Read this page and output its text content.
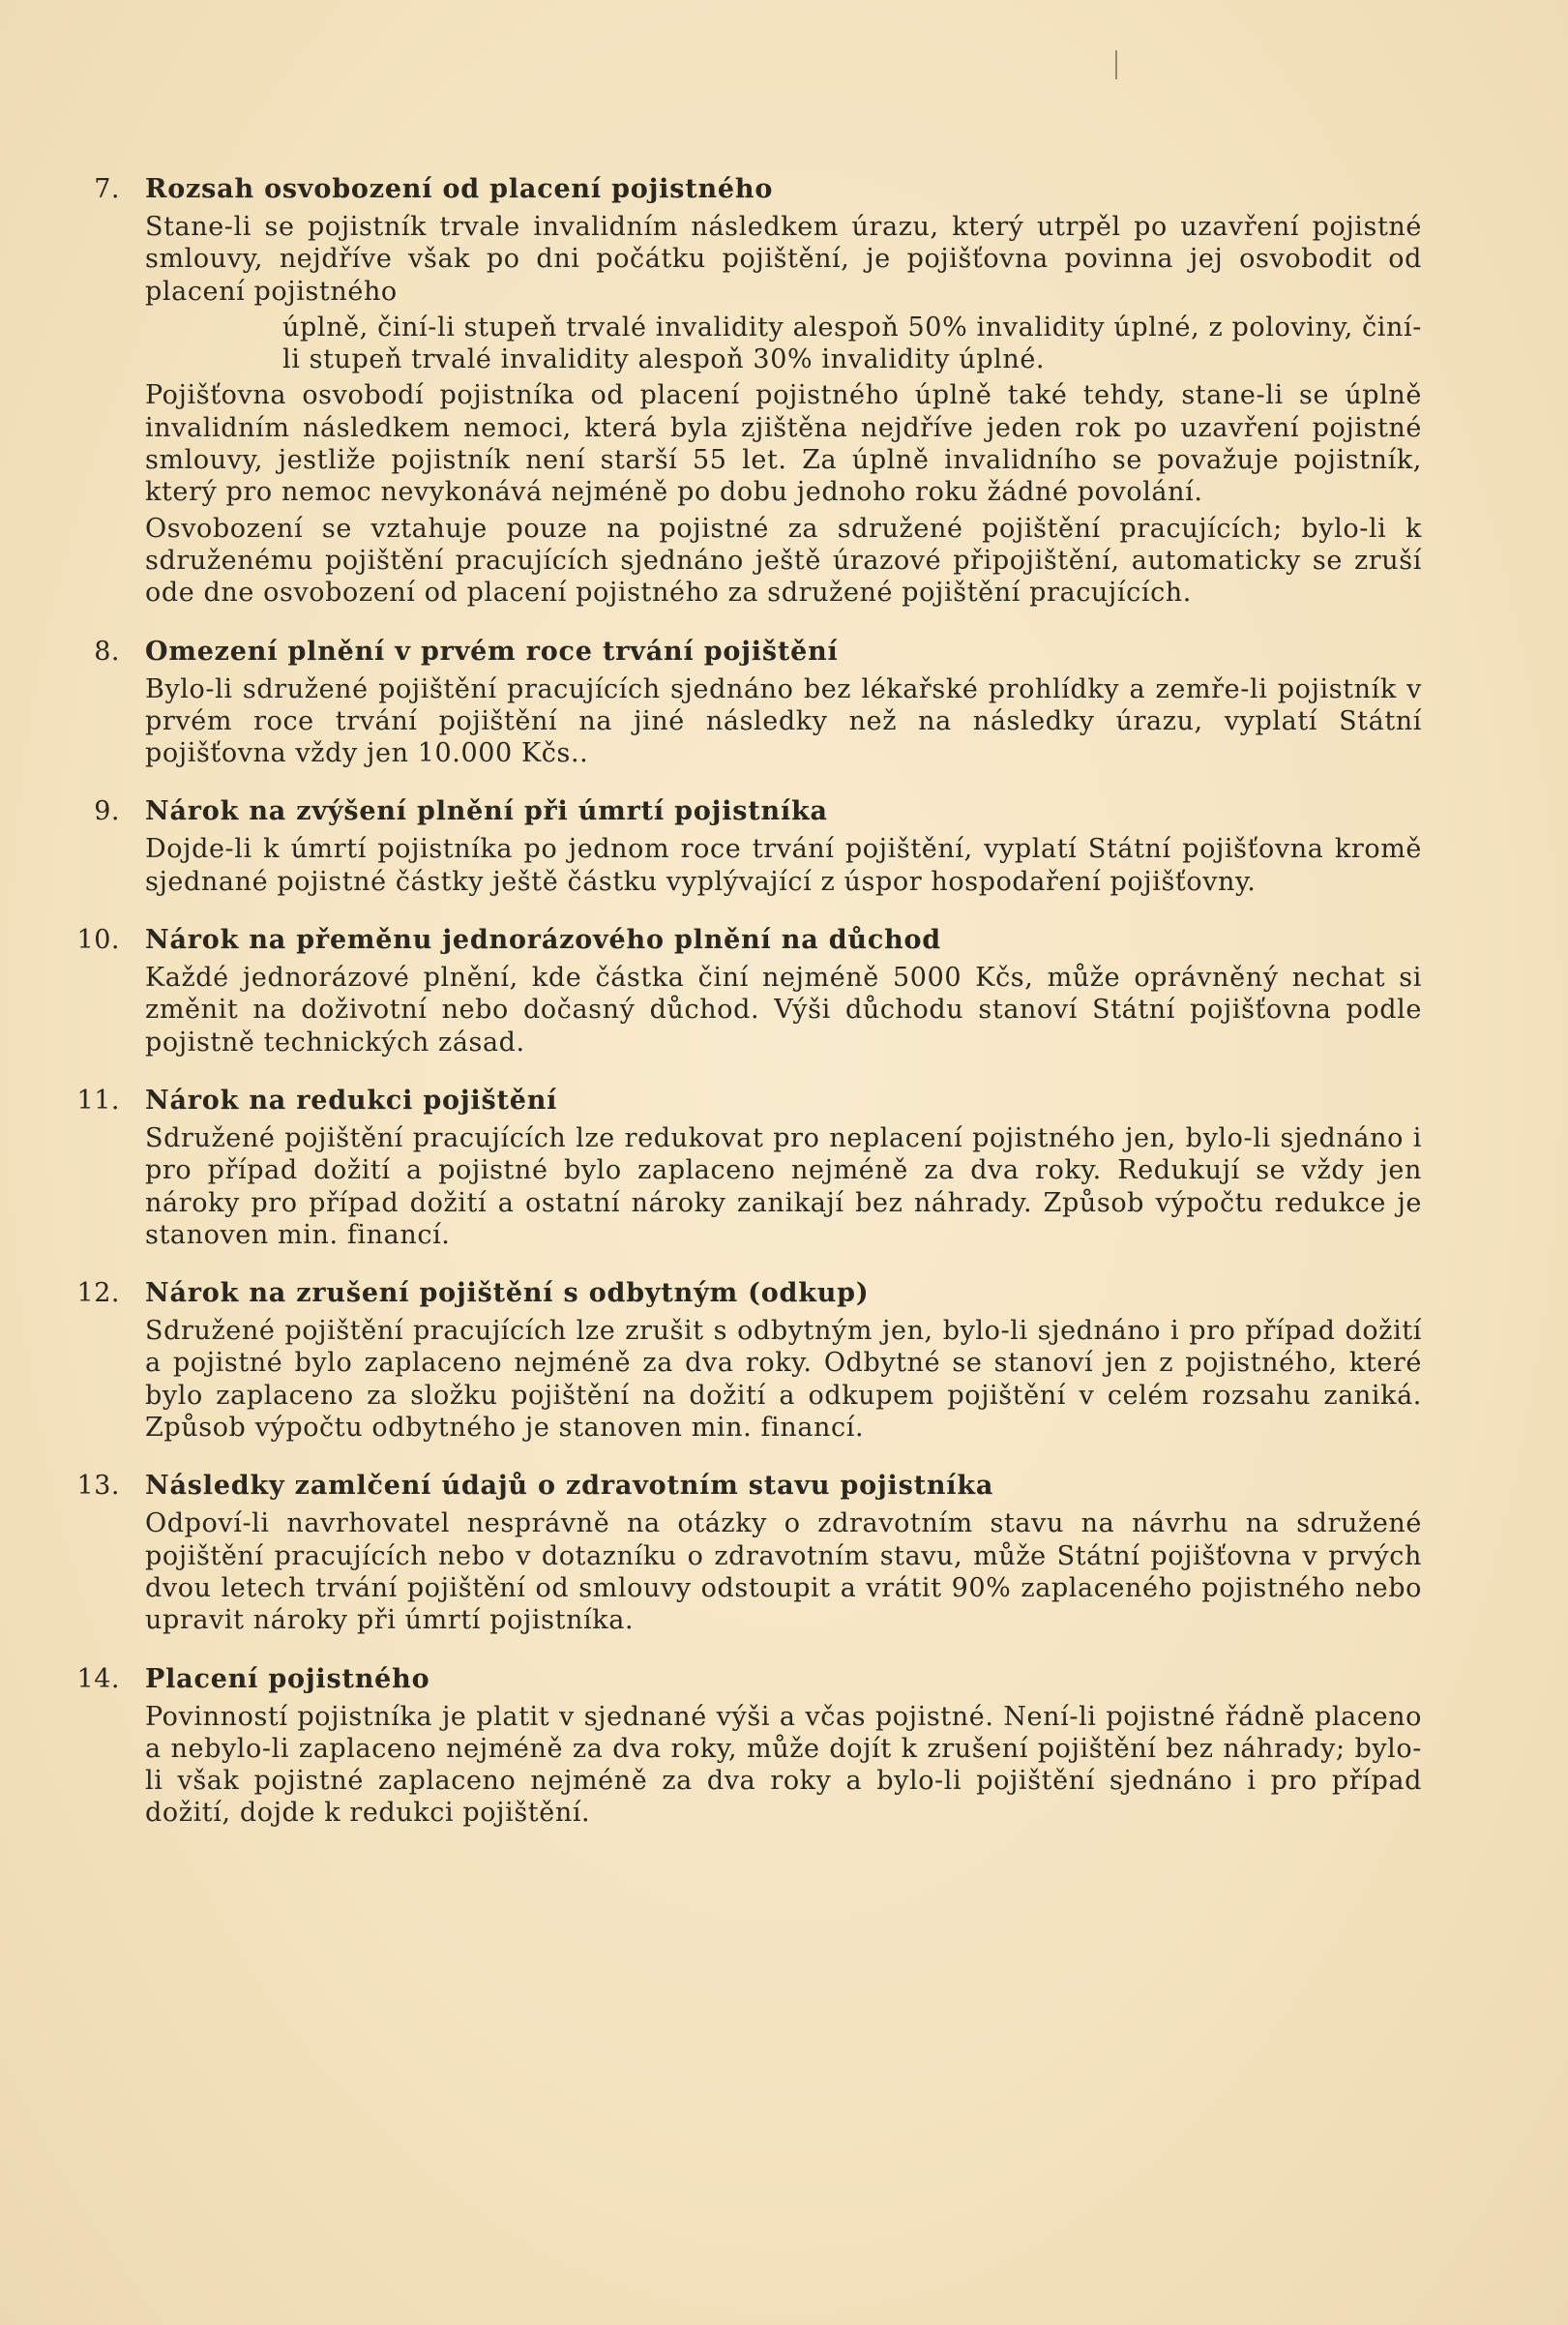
7. Rozsah osvobození od placení pojistného

Stane-li se pojistník trvale invalidním následkem úrazu, který utrpěl po uzavření pojistné smlouvy, nejdříve však po dni počátku pojištění, je pojišťovna povinna jej osvobodit od placení pojistného

úplně, činí-li stupeň trvalé invalidity alespoň 50% invalidity úplné, z poloviny, činí-li stupeň trvalé invalidity alespoň 30% invalidity úplné.

Pojišťovna osvobodí pojistníka od placení pojistného úplně také tehdy, stane-li se úplně invalidním následkem nemoci, která byla zjištěna nejdříve jeden rok po uzavření pojistné smlouvy, jestliže pojistník není starší 55 let. Za úplně invalidního se považuje pojistník, který pro nemoc nevykonává nejméně po dobu jednoho roku žádné povolání.

Osvobození se vztahuje pouze na pojistné za sdružené pojištění pracujících; bylo-li k sdruženému pojištění pracujících sjednáno ještě úrazové připojištění, automaticky se zruší ode dne osvobození od placení pojistného za sdružené pojištění pracujících.

8. Omezení plnění v prvém roce trvání pojištění

Bylo-li sdružené pojištění pracujících sjednáno bez lékařské prohlídky a zemře-li pojistník v prvém roce trvání pojištění na jiné následky než na následky úrazu, vyplatí Státní pojišťovna vždy jen 10.000 Kčs..

9. Nárok na zvýšení plnění při úmrtí pojistníka

Dojde-li k úmrtí pojistníka po jednom roce trvání pojištění, vyplatí Státní pojišťovna kromě sjednané pojistné částky ještě částku vyplývající z úspor hospodaření pojišťovny.

10. Nárok na přeměnu jednorázového plnění na důchod

Každé jednorázové plnění, kde částka činí nejméně 5000 Kčs, může oprávněný nechat si změnit na doživotní nebo dočasný důchod. Výši důchodu stanoví Státní pojišťovna podle pojistně technických zásad.

11. Nárok na redukci pojištění

Sdružené pojištění pracujících lze redukovat pro neplacení pojistného jen, bylo-li sjednáno i pro případ dožití a pojistné bylo zaplaceno nejméně za dva roky. Redukují se vždy jen nároky pro případ dožití a ostatní nároky zanikají bez náhrady. Způsob výpočtu redukce je stanoven min. financí.

12. Nárok na zrušení pojištění s odbytným (odkup)

Sdružené pojištění pracujících lze zrušit s odbytným jen, bylo-li sjednáno i pro případ dožití a pojistné bylo zaplaceno nejméně za dva roky. Odbytné se stanoví jen z pojistného, které bylo zaplaceno za složku pojištění na dožití a odkupem pojištění v celém rozsahu zaniká. Způsob výpočtu odbytného je stanoven min. financí.

13. Následky zamlčení údajů o zdravotním stavu pojistníka

Odpoví-li navrhovatel nesprávně na otázky o zdravotním stavu na návrhu na sdružené pojištění pracujících nebo v dotazníku o zdravotním stavu, může Státní pojišťovna v prvých dvou letech trvání pojištění od smlouvy odstoupit a vrátit 90% zaplaceného pojistného nebo upravit nároky při úmrtí pojistníka.

14. Placení pojistného

Povinností pojistníka je platit v sjednané výši a včas pojistné. Není-li pojistné řádně placeno a nebylo-li zaplaceno nejméně za dva roky, může dojít k zrušení pojištění bez náhrady; bylo-li však pojistné zaplaceno nejméně za dva roky a bylo-li pojištění sjednáno i pro případ dožití, dojde k redukci pojištění.
